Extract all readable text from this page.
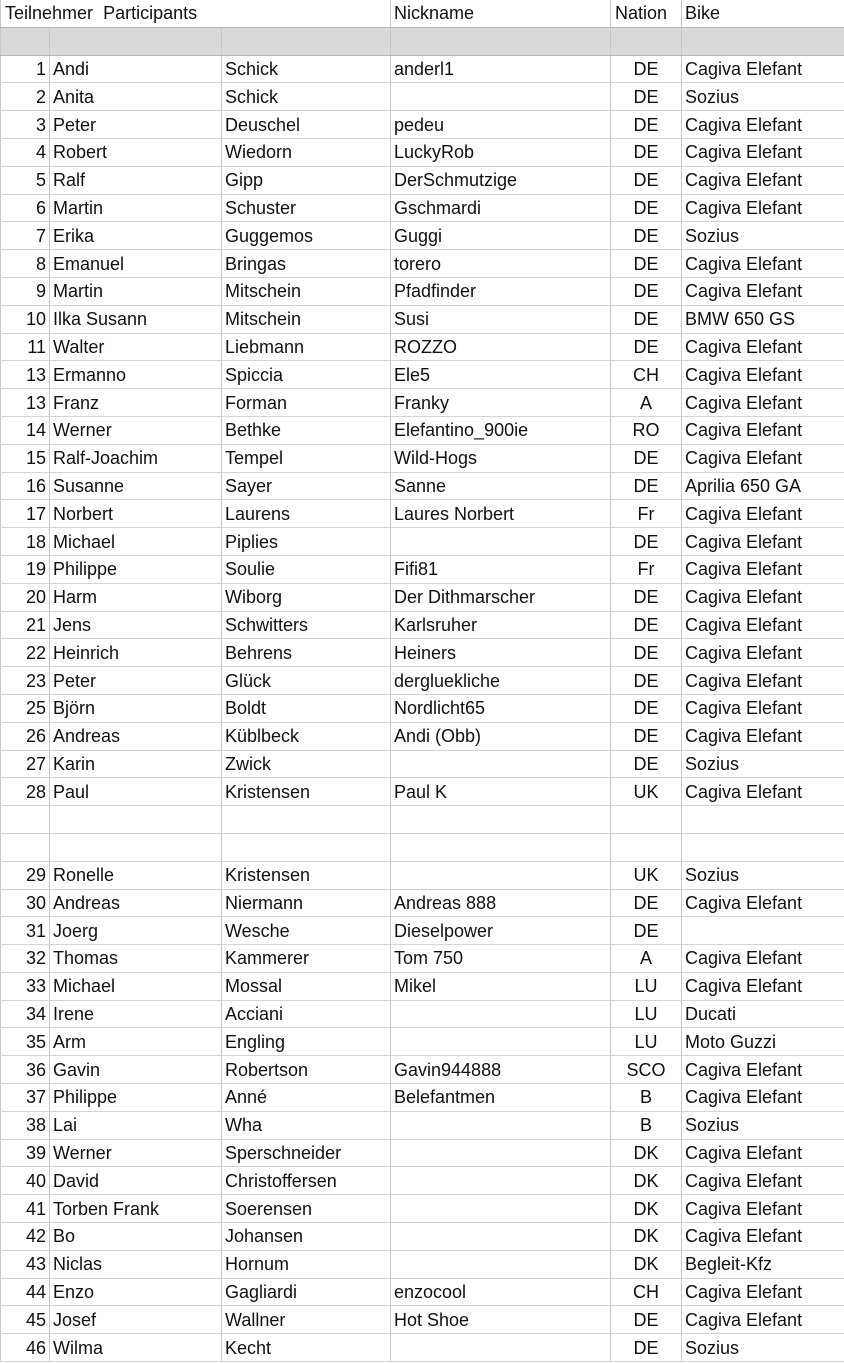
Teilnehmer Participants			Nickname	Nation	Bike

1	Andi	Schick	anderl1	DE	Cagiva Elefant
2	Anita	Schick		DE	Sozius
3	Peter	Deuschel	pedeu	DE	Cagiva Elefant
4	Robert	Wiedorn	LuckyRob	DE	Cagiva Elefant
5	Ralf	Gipp	DerSchmutzige	DE	Cagiva Elefant
6	Martin	Schuster	Gschmardi	DE	Cagiva Elefant
7	Erika	Guggemos	Guggi	DE	Sozius
8	Emanuel	Bringas	torero	DE	Cagiva Elefant
9	Martin	Mitschein	Pfadfinder	DE	Cagiva Elefant
10	Ilka Susann	Mitschein	Susi	DE	BMW 650 GS
11	Walter	Liebmann	ROZZO	DE	Cagiva Elefant
13	Ermanno	Spiccia	Ele5	CH	Cagiva Elefant
13	Franz	Forman	Franky	A	Cagiva Elefant
14	Werner	Bethke	Elefantino_900ie	RO	Cagiva Elefant
15	Ralf-Joachim	Tempel	Wild-Hogs	DE	Cagiva Elefant
16	Susanne	Sayer	Sanne	DE	Aprilia 650 GA
17	Norbert	Laurens	Laures Norbert	Fr	Cagiva Elefant
18	Michael	Piplies		DE	Cagiva Elefant
19	Philippe	Soulie	Fifi81	Fr	Cagiva Elefant
20	Harm	Wiborg	Der Dithmarscher	DE	Cagiva Elefant
21	Jens	Schwitters	Karlsruher	DE	Cagiva Elefant
22	Heinrich	Behrens	Heiners	DE	Cagiva Elefant
23	Peter	Glück	dergluekliche	DE	Cagiva Elefant
25	Björn	Boldt	Nordlicht65	DE	Cagiva Elefant
26	Andreas	Küblbeck	Andi (Obb)	DE	Cagiva Elefant
27	Karin	Zwick		DE	Sozius
28	Paul	Kristensen	Paul K	UK	Cagiva Elefant

29	Ronelle	Kristensen		UK	Sozius
30	Andreas	Niermann	Andreas 888	DE	Cagiva Elefant
31	Joerg	Wesche	Dieselpower	DE	
32	Thomas	Kammerer	Tom 750	A	Cagiva Elefant
33	Michael	Mossal	Mikel	LU	Cagiva Elefant
34	Irene	Acciani		LU	Ducati
35	Arm	Engling		LU	Moto Guzzi
36	Gavin	Robertson	Gavin944888	SCO	Cagiva Elefant
37	Philippe	Anné	Belefantmen	B	Cagiva Elefant
38	Lai	Wha		B	Sozius
39	Werner	Sperschneider		DK	Cagiva Elefant
40	David	Christoffersen		DK	Cagiva Elefant
41	Torben Frank	Soerensen		DK	Cagiva Elefant
42	Bo	Johansen		DK	Cagiva Elefant
43	Niclas	Hornum		DK	Begleit-Kfz
44	Enzo	Gagliardi	enzocool	CH	Cagiva Elefant
45	Josef	Wallner	Hot Shoe	DE	Cagiva Elefant
46	Wilma	Kecht		DE	Sozius
